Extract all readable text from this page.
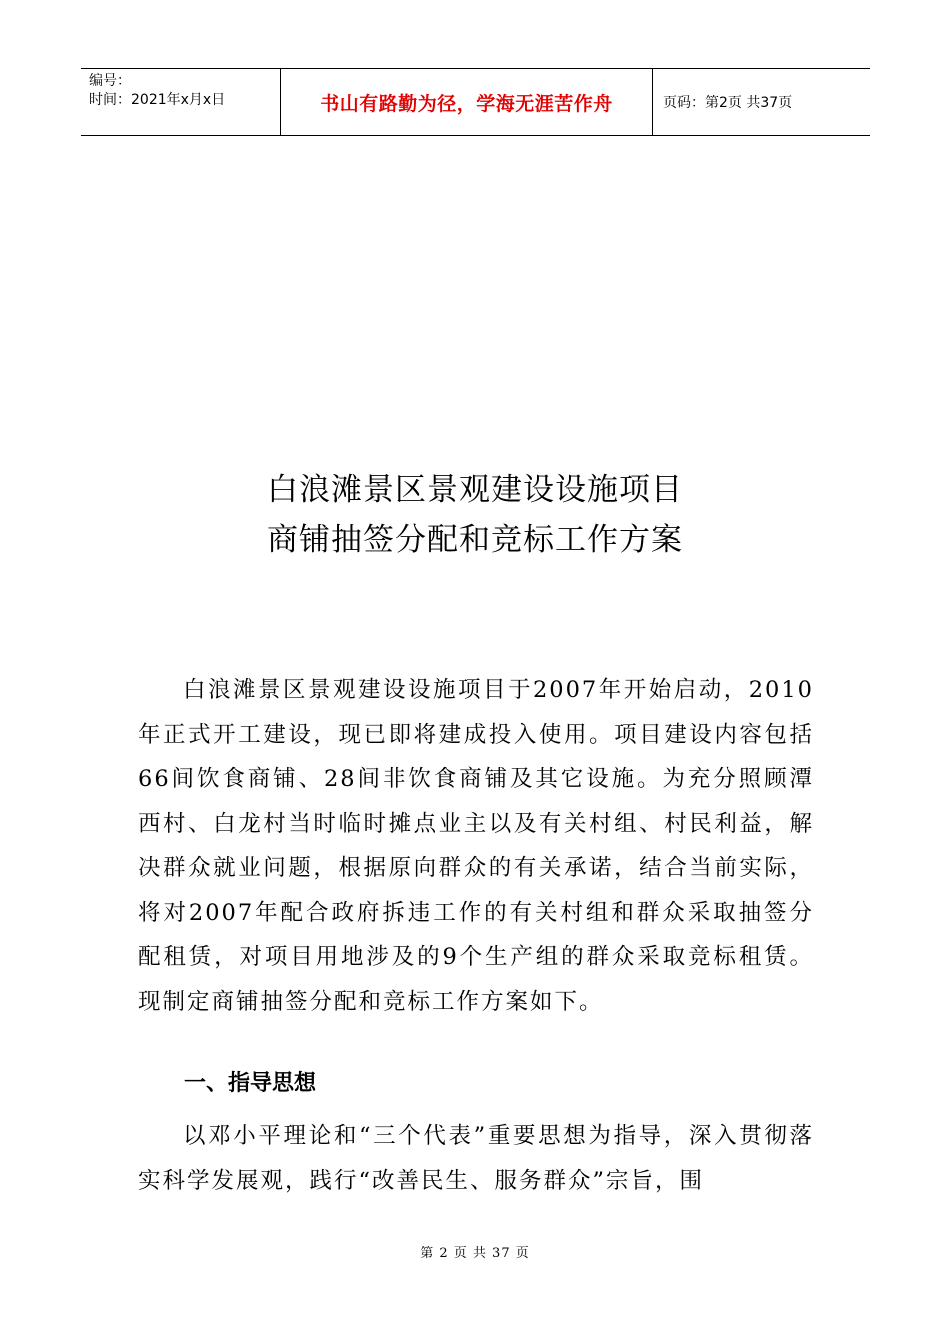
编号：
时间：2021年x月x日	书山有路勤为径，学海无涯苦作舟	页码：第2页 共37页
白浪滩景区景观建设设施项目
商铺抽签分配和竞标工作方案

白浪滩景区景观建设设施项目于2007年开始启动，2010年正式开工建设，现已即将建成投入使用。项目建设内容包括66间饮食商铺、28间非饮食商铺及其它设施。为充分照顾潭西村、白龙村当时临时摊点业主以及有关村组、村民利益，解决群众就业问题，根据原向群众的有关承诺，结合当前实际，将对2007年配合政府拆违工作的有关村组和群众采取抽签分配租赁，对项目用地涉及的9个生产组的群众采取竞标租赁。现制定商铺抽签分配和竞标工作方案如下。

一、指导思想

以邓小平理论和“三个代表”重要思想为指导，深入贯彻落实科学发展观，践行“改善民生、服务群众”宗旨，围

第 2 页 共 37 页
